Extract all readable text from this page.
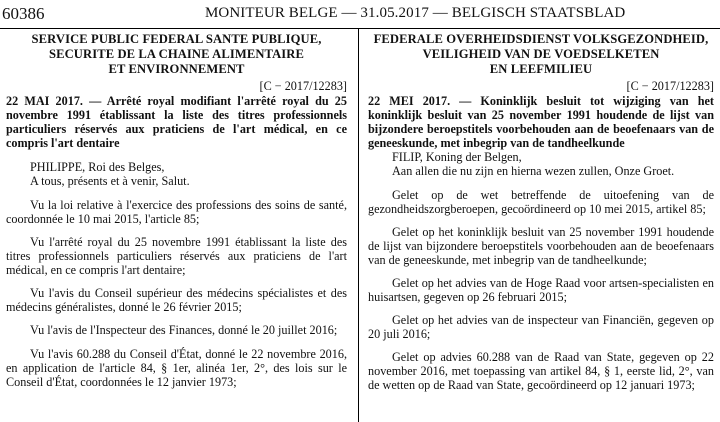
60386	MONITEUR BELGE — 31.05.2017 — BELGISCH STAATSBLAD

SERVICE PUBLIC FEDERAL SANTE PUBLIQUE,
SECURITE DE LA CHAINE ALIMENTAIRE
ET ENVIRONNEMENT

[C − 2017/12283]

22 MAI 2017. — Arrêté royal modifiant l'arrêté royal du 25 novembre 1991 établissant la liste des titres professionnels particuliers réservés aux praticiens de l'art médical, en ce compris l'art dentaire

PHILIPPE, Roi des Belges,

A tous, présents et à venir, Salut.

Vu la loi relative à l'exercice des professions des soins de santé, coordonnée le 10 mai 2015, l'article 85;

Vu l'arrêté royal du 25 novembre 1991 établissant la liste des titres professionnels particuliers réservés aux praticiens de l'art médical, en ce compris l'art dentaire;

Vu l'avis du Conseil supérieur des médecins spécialistes et des médecins généralistes, donné le 26 février 2015;

Vu l'avis de l'Inspecteur des Finances, donné le 20 juillet 2016;

Vu l'avis 60.288 du Conseil d'État, donné le 22 novembre 2016, en application de l'article 84, § 1er, alinéa 1er, 2°, des lois sur le Conseil d'État, coordonnées le 12 janvier 1973;

FEDERALE OVERHEIDSDIENST VOLKSGEZONDHEID,
VEILIGHEID VAN DE VOEDSELKETEN
EN LEEFMILIEU

[C − 2017/12283]

22 MEI 2017. — Koninklijk besluit tot wijziging van het koninklijk besluit van 25 november 1991 houdende de lijst van bijzondere beroepstitels voorbehouden aan de beoefenaars van de geneeskunde, met inbegrip van de tandheelkunde

FILIP, Koning der Belgen,

Aan allen die nu zijn en hierna wezen zullen, Onze Groet.

Gelet op de wet betreffende de uitoefening van de gezondheidszorgberoepen, gecoördineerd op 10 mei 2015, artikel 85;

Gelet op het koninklijk besluit van 25 november 1991 houdende de lijst van bijzondere beroepstitels voorbehouden aan de beoefenaars van de geneeskunde, met inbegrip van de tandheelkunde;

Gelet op het advies van de Hoge Raad voor artsen-specialisten en huisartsen, gegeven op 26 februari 2015;

Gelet op het advies van de inspecteur van Financiën, gegeven op 20 juli 2016;

Gelet op advies 60.288 van de Raad van State, gegeven op 22 november 2016, met toepassing van artikel 84, § 1, eerste lid, 2°, van de wetten op de Raad van State, gecoördineerd op 12 januari 1973;
